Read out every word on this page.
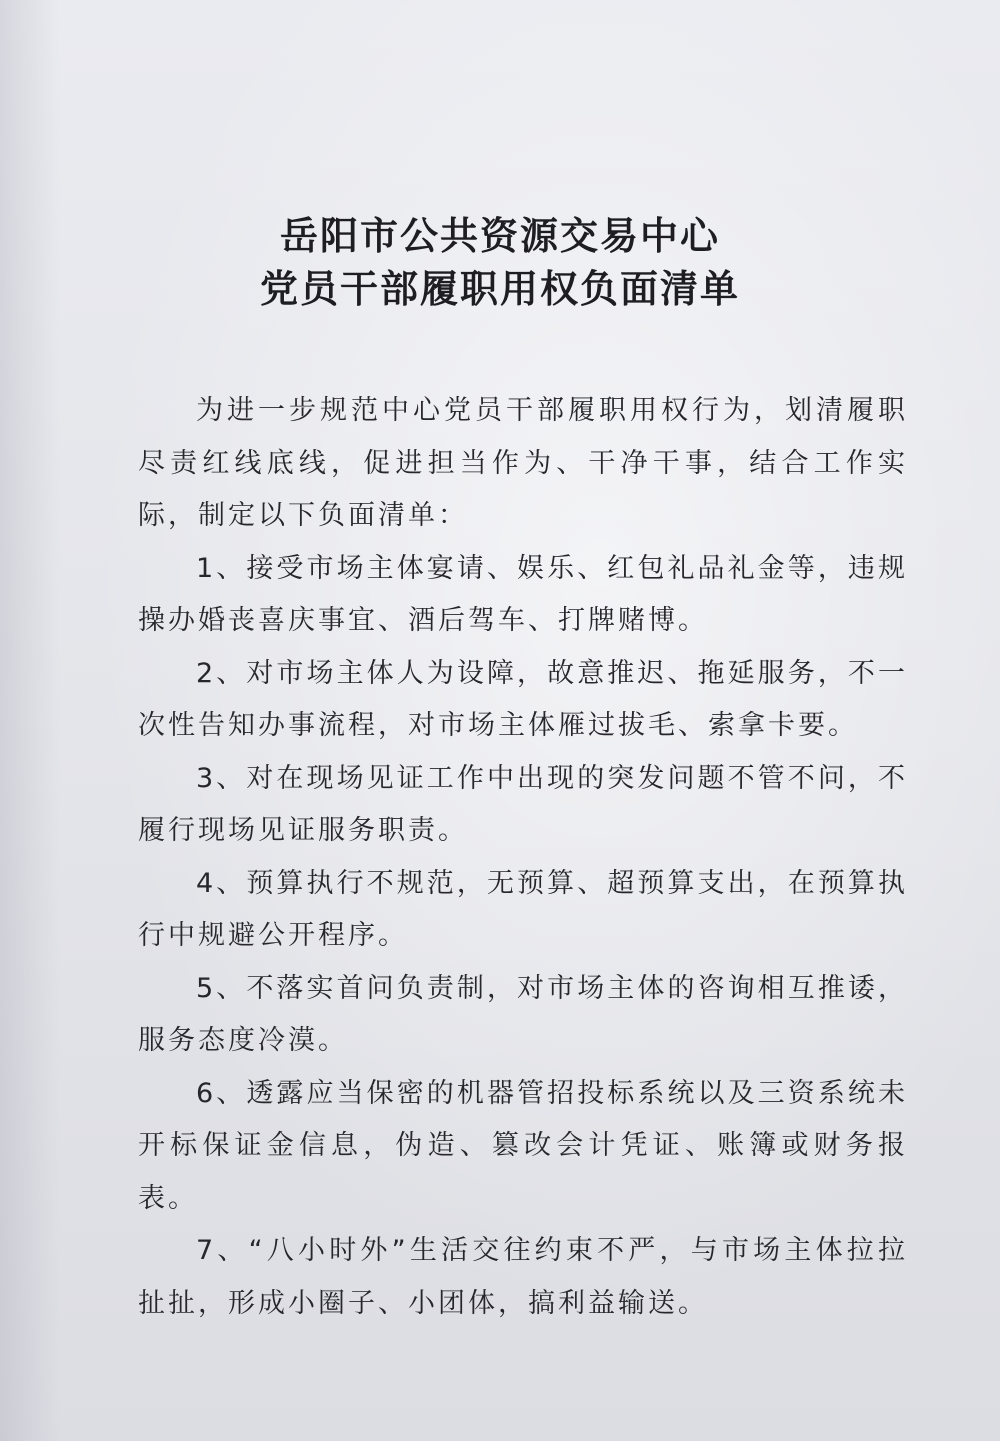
岳阳市公共资源交易中心
党员干部履职用权负面清单

为进一步规范中心党员干部履职用权行为，划清履职尽责红线底线，促进担当作为、干净干事，结合工作实际，制定以下负面清单：

1、接受市场主体宴请、娱乐、红包礼品礼金等，违规操办婚丧喜庆事宜、酒后驾车、打牌赌博。

2、对市场主体人为设障，故意推迟、拖延服务，不一次性告知办事流程，对市场主体雁过拔毛、索拿卡要。

3、对在现场见证工作中出现的突发问题不管不问，不履行现场见证服务职责。

4、预算执行不规范，无预算、超预算支出，在预算执行中规避公开程序。

5、不落实首问负责制，对市场主体的咨询相互推诿，服务态度冷漠。

6、透露应当保密的机器管招投标系统以及三资系统未开标保证金信息，伪造、篡改会计凭证、账簿或财务报表。

7、“八小时外”生活交往约束不严，与市场主体拉拉扯扯，形成小圈子、小团体，搞利益输送。
